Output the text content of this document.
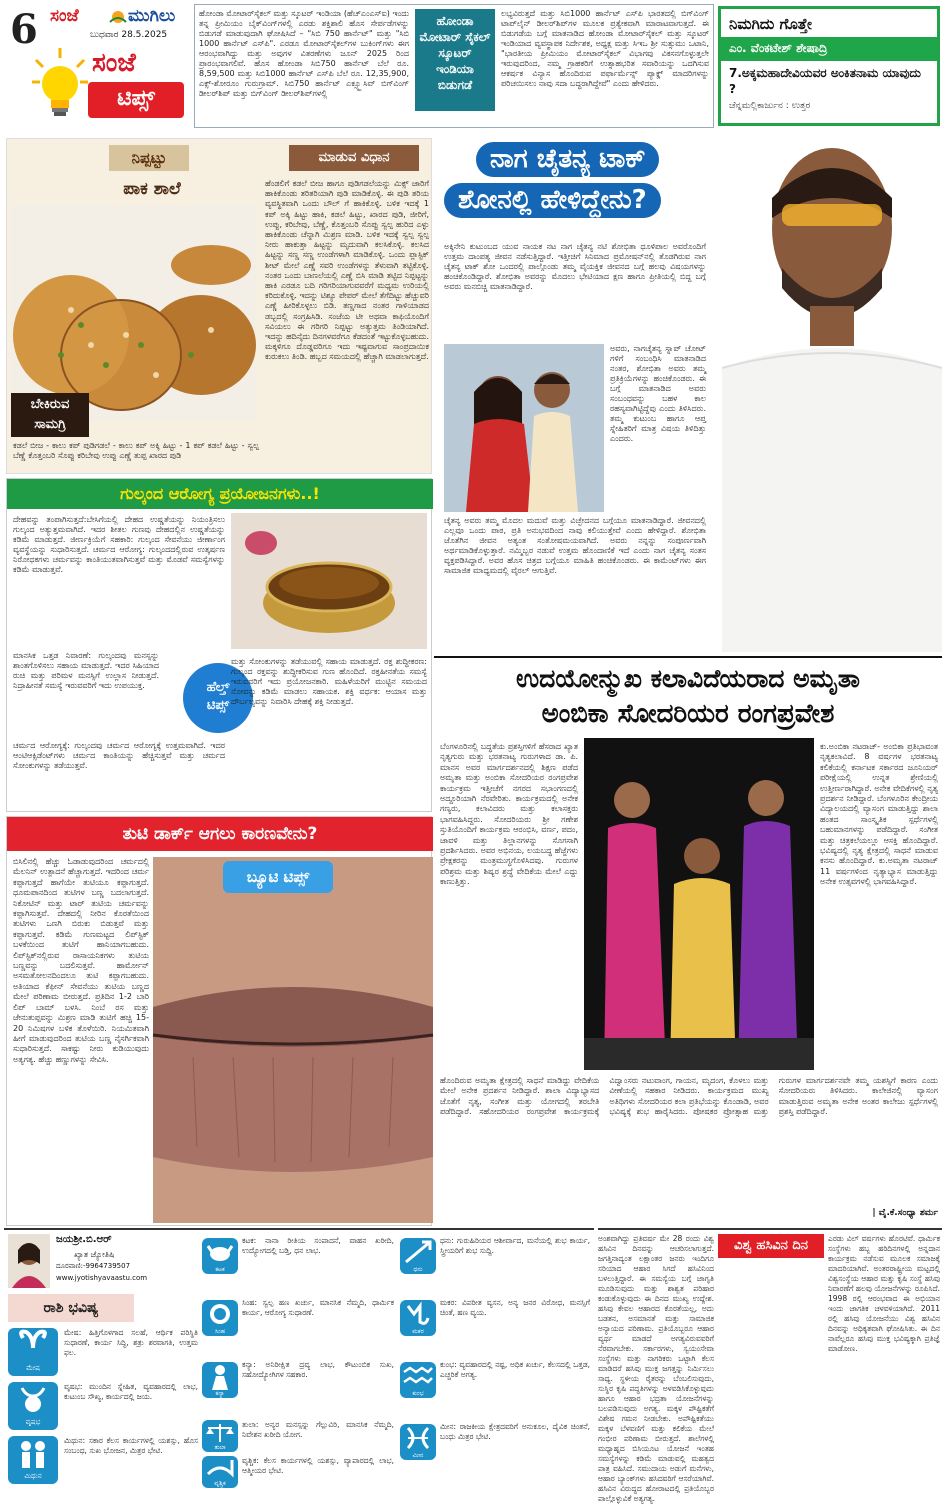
6 ಸಂಜೆ	ಮುಗಿಲು
ಬುಧವಾರ 28.5.2025
ಸಂಜೆ
ಟಿಪ್ಸ್
ಹೋಂಡಾ ಮೋಟಾರ್‌ಸೈಕಲ್ ಮತ್ತು ಸ್ಕೂಟರ್ ಇಂಡಿಯಾ (ಹೆಚ್‌ಎಂಎಸ್‌ಐ) ಇಂದು ತನ್ನ ಪ್ರೀಮಿಯಂ ಬೈಕ್‌ವಿಂಗ್‌ಗಳಲ್ಲಿ ಎರಡು ಶಕ್ತಿಶಾಲಿ ಹೊಸ ಸೇರ್ಪಡೆಗಳನ್ನು ಬಿಡುಗಡೆ ಮಾಡುವುದಾಗಿ ಘೋಷಿಸಿದೆ – "ಸಿಬಿ 750 ಹಾರ್ನೆಟ್" ಮತ್ತು "ಸಿಬಿ 1000 ಹಾರ್ನೆಟ್ ಎಸ್‌ಪಿ". ಎರಡೂ ಮೋಟಾರ್‌ಸೈಕಲ್‌ಗಳ ಬುಕಿಂಗ್‌ಗಳು ಈಗ ಆರಂಭವಾಗಿದ್ದು ಮತ್ತು ಅವುಗಳ ವಿತರಣೆಗಳು ಜೂನ್ 2025 ರಿಂದ ಪ್ರಾರಂಭವಾಗಲಿವೆ. ಹೊಸ ಹೋಂಡಾ ಸಿಬಿ750 ಹಾರ್ನೆಟ್ ಬೆಲೆ ರೂ. 8,59,500 ಮತ್ತು ಸಿಬಿ1000 ಹಾರ್ನೆಟ್ ಎಸ್‌ಪಿ ಬೆಲೆ ರೂ. 12,35,900, ಎಕ್ಸ್-ಶೋರೂಂ ಗುರುಗ್ರಾಮ್. ಸಿಬಿ750 ಹಾರ್ನೆಟ್ ಎಕ್ಸ್ಕ್ಲೂಸಿವ್‌ ಬಿಗ್‌ವಿಂಗ್ ಡೀಲರ್‌ಶಿಪ್ ಮತ್ತು ಬಿಗ್‌ವಿಂಗ್ ಡೀಲರ್‌ಶಿಪ್‌ಗಳಲ್ಲಿ
ಹೋಂಡಾ ಮೋಟಾರ್ ಸೈಕಲ್ ಸ್ಕೂಟರ್ ಇಂಡಿಯಾ ಬಿಡುಗಡೆ
ಲಭ್ಯವಿರುತ್ತದೆ ಮತ್ತು ಸಿಬಿ1000 ಹಾರ್ನೆಟ್ ಎಸ್‌ಪಿ ಭಾರತದಲ್ಲಿ ಬಿಗ್‌ವಿಂಗ್ ಟಾಪ್‌ಲೈನ್ ಡೀಲರ್‌ಶಿಪ್‌ಗಳ ಮೂಲಕ ಪ್ರತ್ಯೇಕವಾಗಿ ಮಾರಾಟವಾಗುತ್ತದೆ. ಈ ಬಿಡುಗಡೆಯ ಬಗ್ಗೆ ಮಾತನಾಡಿದ ಹೋಂಡಾ ಮೋಟಾರ್‌ಸೈಕಲ್ ಮತ್ತು ಸ್ಕೂಟರ್ ಇಂಡಿಯಾದ ವ್ಯವಸ್ಥಾಪಕ ನಿರ್ದೇಶಕ, ಅಧ್ಯಕ್ಷ ಮತ್ತು ಸಿಇಒ ಶ್ರೀ ಸುತ್ಸುಮು ಒಟಾನಿ, "ಭಾರತೀಯ ಪ್ರೀಮಿಯಂ ಮೋಟಾರ್‌ಸೈಕಲ್ ವಿಭಾಗವು ವಿಕಸನಗೊಳ್ಳುತ್ತಲೇ ಇರುವುದರಿಂದ, ನಮ್ಮ ಗ್ರಾಹಕರಿಗೆ ಉತ್ಸಾಹಭರಿತ ಸವಾರಿಯನ್ನು ಒದಗಿಸುವ ಆಕರ್ಷಕ ವಿನ್ಯಾಸ ಹೊಂದಿರುವ ಪರ್ಫಾರ್ಮೆನ್ಸ್ ಪ್ಯಾಕ್ಡ್ ಮಾದರಿಗಳನ್ನು ಪರಿಚಯಿಸಲು ನಾವು ಸದಾ ಬದ್ಧರಾಗಿದ್ದೇವೆ" ಎಂದು ಹೇಳಿದರು.
ನಿಮಗಿದು ಗೊತ್ತೇ
ಎಂ. ವೆಂಕಟೇಶ್ ಶೇಷಾದ್ರಿ
7.ಅಕ್ಕಮಹಾದೇವಿಯವರ ಅಂಕಿತನಾಮ ಯಾವುದು ?
ಚೆನ್ನಮಲ್ಲಿಕಾರ್ಜುನ : ಉತ್ತರ
ನಿಪ್ಪಟ್ಟು	ಮಾಡುವ ವಿಧಾನ
ಪಾಕ ಶಾಲೆ
ಬೇಕಿರುವ
ಸಾಮಗ್ರಿ
ಕಡಲೆ ಬೀಜ - ಕಾಲು ಕಪ್ ಪುಡಿಗಡಲೆ - ಕಾಲು ಕಪ್ ಅಕ್ಕಿ ಹಿಟ್ಟು - 1 ಕಪ್ ಕಡಲೆ ಹಿಟ್ಟು - ಸ್ವಲ್ಪ ಬೆಣ್ಣೆ ಕೊತ್ತಂಬರಿ ಸೊಪ್ಪು ಕರಿಬೇವು ಉಪ್ಪು ಎಣ್ಣೆ ತುಪ್ಪ ಖಾರದ ಪುಡಿ
ಹೆಂಡಲಿಗೆ ಕಡಲೆ ಬೀಜ ಹಾಗೂ ಪುಡಿಗಡಲೆಯನ್ನು ಮಿಕ್ಸ್ ಜಾರಿಗೆ ಹಾಕಿಕೊಂಡು ತರಿತರಿಯಾಗಿ ಪುಡಿ ಮಾಡಿಕೊಳ್ಳಿ. ಈ ಪುಡಿ ತರಿಯ ವ್ಯವಸ್ಥಿತವಾಗಿ ಒಂದು ಬೌಲ್ ಗೆ ಹಾಕಿಕೊಳ್ಳಿ. ಬಳಿಕ ಇದಕ್ಕೆ 1 ಕಪ್ ಅಕ್ಕಿ ಹಿಟ್ಟು ಹಾಕಿ, ಕಡಲೆ ಹಿಟ್ಟು, ಖಾರದ ಪುಡಿ, ಜೀರಿಗೆ, ಉಪ್ಪು, ಕರಿಬೇವು, ಬೆಣ್ಣೆ, ಕೊತ್ತಂಬರಿ ಸೊಪ್ಪು ಸ್ವಲ್ಪ ಹುರಿದ ಎಳ್ಳು ಹಾಕಿಕೊಂಡು ಚೆನ್ನಾಗಿ ಮಿಶ್ರಣ ಮಾಡಿ. ಬಳಿಕ ಇದಕ್ಕೆ ಸ್ವಲ್ಪ ಸ್ವಲ್ಪ ನೀರು ಹಾಕುತ್ತಾ ಹಿಟ್ಟನ್ನು ಮೃದುವಾಗಿ ಕಲಸಿಕೊಳ್ಳಿ. ಕಲಸಿದ ಹಿಟ್ಟನ್ನು ಸಣ್ಣ ಸಣ್ಣ ಉಂಡೆಗಳಾಗಿ ಮಾಡಿಕೊಳ್ಳಿ. ಒಂದು ಪ್ಲಾಸ್ಟಿಕ್ ಶೀಟ್ ಮೇಲೆ ಎಣ್ಣೆ ಸವರಿ ಉಂಡೆಗಳನ್ನು ತೆಳುವಾಗಿ ತಟ್ಟಿಕೊಳ್ಳಿ. ನಂತರ ಒಂದು ಬಾಣಲೆಯಲ್ಲಿ ಎಣ್ಣೆ ಬಿಸಿ ಮಾಡಿ ತಟ್ಟಿದ ನಿಪ್ಪಟ್ಟನ್ನು ಹಾಕಿ ಎರಡೂ ಬದಿ ಗರಿಗರಿಯಾಗುವವರೆಗೆ ಮಧ್ಯಮ ಉರಿಯಲ್ಲಿ ಕರಿದುಕೊಳ್ಳಿ. ಇದನ್ನು ಟಿಶ್ಯೂ ಪೇಪರ್ ಮೇಲೆ ತೆಗೆದಿಟ್ಟು ಹೆಚ್ಚುವರಿ ಎಣ್ಣೆ ಹೀರಿಕೊಳ್ಳಲು ಬಿಡಿ. ತಣ್ಣಗಾದ ನಂತರ ಗಾಳಿಯಾಡದ ಡಬ್ಬದಲ್ಲಿ ಸಂಗ್ರಹಿಸಿಡಿ. ಸಂಜೆಯ ಟೀ ಅಥವಾ ಕಾಫಿಯೊಂದಿಗೆ ಸವಿಯಲು ಈ ಗರಿಗರಿ ನಿಪ್ಪಟ್ಟು ಅತ್ಯುತ್ತಮ ತಿಂಡಿಯಾಗಿದೆ. ಇದನ್ನು ಹದಿನೈದು ದಿನಗಳವರೆಗೂ ಕೆಡದಂತೆ ಇಟ್ಟುಕೊಳ್ಳಬಹುದು. ಮಕ್ಕಳಿಗೂ ದೊಡ್ಡವರಿಗೂ ಇದು ಇಷ್ಟವಾಗುವ ಸಾಂಪ್ರದಾಯಿಕ ಕುರುಕಲು ತಿಂಡಿ. ಹಬ್ಬದ ಸಮಯದಲ್ಲಿ ಹೆಚ್ಚಾಗಿ ಮಾಡಲಾಗುತ್ತದೆ.
ಗುಲ್ಕಂದ ಆರೋಗ್ಯ ಪ್ರಯೋಜನಗಳು..!
ದೇಹವನ್ನು ತಂಪಾಗಿಸುತ್ತದೆ:ಬೇಸಿಗೆಯಲ್ಲಿ ದೇಹದ ಉಷ್ಣತೆಯನ್ನು ನಿಯಂತ್ರಿಸಲು ಗುಲ್ಕಂದ ಅತ್ಯುತ್ತಮವಾಗಿದೆ. ಇದರ ಶೀತಲ ಗುಣವು ದೇಹದಲ್ಲಿನ ಉಷ್ಣತೆಯನ್ನು ಕಡಿಮೆ ಮಾಡುತ್ತದೆ. ಜೀರ್ಣಕ್ರಿಯೆಗೆ ಸಹಕಾರಿ: ಗುಲ್ಕಂದ ಸೇವನೆಯು ಜೀರ್ಣಾಂಗ ವ್ಯವಸ್ಥೆಯನ್ನು ಸುಧಾರಿಸುತ್ತದೆ. ಚರ್ಮದ ಆರೋಗ್ಯ: ಗುಲ್ಕಂದದಲ್ಲಿರುವ ಉತ್ಕರ್ಷಣ ನಿರೋಧಕಗಳು ಚರ್ಮವನ್ನು ಕಾಂತಿಯುತವಾಗಿಸುತ್ತವೆ ಮತ್ತು ಮೊಡವೆ ಸಮಸ್ಯೆಗಳನ್ನು ಕಡಿಮೆ ಮಾಡುತ್ತವೆ.
ಮಾನಸಿಕ ಒತ್ತಡ ನಿವಾರಣೆ: ಗುಲ್ಕಂದವು ಮನಸ್ಸನ್ನು ಶಾಂತಗೊಳಿಸಲು ಸಹಾಯ ಮಾಡುತ್ತದೆ. ಇದರ ಸಿಹಿಯಾದ ರುಚಿ ಮತ್ತು ಪರಿಮಳ ಮನಸ್ಸಿಗೆ ಉಲ್ಲಾಸ ನೀಡುತ್ತದೆ. ನಿದ್ರಾಹೀನತೆ ಸಮಸ್ಯೆ ಇರುವವರಿಗೆ ಇದು ಉಪಯುಕ್ತ.	ಹೆಲ್ತ್
ಟಿಪ್ಸ್
ಮತ್ತು ಸೋಂಕುಗಳನ್ನು ತಡೆಯುವಲ್ಲಿ ಸಹಾಯ ಮಾಡುತ್ತದೆ. ರಕ್ತ ಶುದ್ಧೀಕರಣ: ಗುಲ್ಕಂದ ರಕ್ತವನ್ನು ಶುದ್ಧೀಕರಿಸುವ ಗುಣ ಹೊಂದಿದೆ. ರಕ್ತಹೀನತೆಯ ಸಮಸ್ಯೆ ಇರುವವರಿಗೆ ಇದು ಪ್ರಯೋಜನಕಾರಿ. ಮಹಿಳೆಯರಿಗೆ ಮುಟ್ಟಿನ ಸಮಯದ ನೋವನ್ನು ಕಡಿಮೆ ಮಾಡಲು ಸಹಾಯಕ. ಶಕ್ತಿ ವರ್ಧಕ: ಆಯಾಸ ಮತ್ತು ದೌರ್ಬಲ್ಯವನ್ನು ನಿವಾರಿಸಿ ದೇಹಕ್ಕೆ ಶಕ್ತಿ ನೀಡುತ್ತದೆ.
ಚರ್ಮದ ಆರೋಗ್ಯಕ್ಕೆ: ಗುಲ್ಕಂದವು ಚರ್ಮದ ಆರೋಗ್ಯಕ್ಕೆ ಉತ್ತಮವಾಗಿದೆ. ಇದರ ಆಂಟಿಆಕ್ಸಿಡೆಂಟ್‌ಗಳು ಚರ್ಮದ ಕಾಂತಿಯನ್ನು ಹೆಚ್ಚಿಸುತ್ತವೆ ಮತ್ತು ಚರ್ಮದ ಸೋಂಕುಗಳನ್ನು ತಡೆಯುತ್ತವೆ.
ತುಟಿ ಡಾರ್ಕ್ ಆಗಲು ಕಾರಣವೇನು?
ಬಿಸಿಲಿನಲ್ಲಿ ಹೆಚ್ಚು ಓಡಾಡುವುದರಿಂದ ಚರ್ಮದಲ್ಲಿ ಮೆಲನಿನ್ ಉತ್ಪಾದನೆ ಹೆಚ್ಚಾಗುತ್ತದೆ. ಇದರಿಂದ ಚರ್ಮ ಕಪ್ಪಾಗುತ್ತದೆ ಹಾಗೆಯೇ ತುಟಿಯೂ ಕಪ್ಪಾಗುತ್ತದೆ. ಧೂಮಪಾನದಿಂದ ತುಟಿಗಳ ಬಣ್ಣ ಬದಲಾಗುತ್ತದೆ. ನಿಕೋಟಿನ್ ಮತ್ತು ಟಾರ್ ತುಟಿಯ ಚರ್ಮವನ್ನು ಕಪ್ಪಾಗಿಸುತ್ತವೆ. ದೇಹದಲ್ಲಿ ನೀರಿನ ಕೊರತೆಯಿಂದ ತುಟಿಗಳು ಒಣಗಿ ಬಿರುಕು ಬಿಡುತ್ತವೆ ಮತ್ತು ಕಪ್ಪಾಗುತ್ತವೆ. ಕಡಿಮೆ ಗುಣಮಟ್ಟದ ಲಿಪ್‌ಸ್ಟಿಕ್ ಬಳಕೆಯಿಂದ ತುಟಿಗೆ ಹಾನಿಯಾಗಬಹುದು. ಲಿಪ್‌ಸ್ಟಿಕ್‌ನಲ್ಲಿರುವ ರಾಸಾಯನಿಕಗಳು ತುಟಿಯ ಬಣ್ಣವನ್ನು ಬದಲಿಸುತ್ತವೆ. ಹಾರ್ಮೋನ್ ಅಸಮತೋಲನದಿಂದಲೂ ತುಟಿ ಕಪ್ಪಾಗಬಹುದು. ಅತಿಯಾದ ಕೆಫೀನ್ ಸೇವನೆಯು ತುಟಿಯ ಬಣ್ಣದ ಮೇಲೆ ಪರಿಣಾಮ ಬೀರುತ್ತದೆ. ಪ್ರತಿದಿನ 1-2 ಬಾರಿ ಲಿಪ್ ಬಾಮ್ ಬಳಸಿ. ನಿಂಬೆ ರಸ ಮತ್ತು ಜೇನುತುಪ್ಪವನ್ನು ಮಿಶ್ರಣ ಮಾಡಿ ತುಟಿಗೆ ಹಚ್ಚಿ 15-20 ನಿಮಿಷಗಳ ಬಳಿಕ ತೊಳೆಯಿರಿ. ನಿಯಮಿತವಾಗಿ ಹೀಗೆ ಮಾಡುವುದರಿಂದ ತುಟಿಯ ಬಣ್ಣ ನೈಸರ್ಗಿಕವಾಗಿ ಸುಧಾರಿಸುತ್ತದೆ. ಸಾಕಷ್ಟು ನೀರು ಕುಡಿಯುವುದು ಅತ್ಯಗತ್ಯ. ಹೆಚ್ಚು ಹಣ್ಣುಗಳನ್ನು ಸೇವಿಸಿ.
ಬ್ಯೂಟಿ ಟಿಪ್ಸ್
ನಾಗ ಚೈತನ್ಯ ಟಾಕ್ ಶೋನಲ್ಲಿ ಹೇಳಿದ್ದೇನು?
ಅಕ್ಕಿನೇನಿ ಕುಟುಂಬದ ಯುವ ನಾಯಕ ನಟ ನಾಗ ಚೈತನ್ಯ ನಟಿ ಶೋಭಿತಾ ಧೂಳಿಪಾಲ ಅವರೊಂದಿಗೆ ಉತ್ತಮ ದಾಂಪತ್ಯ ಜೀವನ ನಡೆಸುತ್ತಿದ್ದಾರೆ. ಇತ್ತೀಚಿಗೆ ಸಿನಿಮಾದ ಪ್ರಮೋಷನ್‌ನಲ್ಲಿ ತೊಡಗಿರುವ ನಾಗ ಚೈತನ್ಯ ಟಾಕ್ ಶೋ ಒಂದರಲ್ಲಿ ಪಾಲ್ಗೊಂಡು ತಮ್ಮ ವೈಯಕ್ತಿಕ ಜೀವನದ ಬಗ್ಗೆ ಹಲವು ವಿಷಯಗಳನ್ನು ಹಂಚಿಕೊಂಡಿದ್ದಾರೆ. ಶೋಭಿತಾ ಅವರನ್ನು ಮೊದಲು ಭೇಟಿಯಾದ ಕ್ಷಣ ಹಾಗೂ ಪ್ರೀತಿಯಲ್ಲಿ ಬಿದ್ದ ಬಗ್ಗೆ ಅವರು ಮನಬಿಚ್ಚಿ ಮಾತನಾಡಿದ್ದಾರೆ.
ಅವರು, ನಾಗಚೈತನ್ಯ ಸ್ನಾಪ್ ಚೋಟ್ ಗಳಿಗೆ ಸಂಬಂಧಿಸಿ ಮಾತನಾಡಿದ ನಂತರ, ಶೋಭಿತಾ ಅವರು ತಮ್ಮ ಪ್ರತಿಕ್ರಿಯೆಗಳನ್ನು ಹಂಚಿಕೊಂಡರು. ಈ ಬಗ್ಗೆ ಮಾತನಾಡಿದ ಅವರು ಸಂಬಂಧವನ್ನು ಬಹಳ ಕಾಲ ರಹಸ್ಯವಾಗಿಟ್ಟಿದ್ದೆವು ಎಂದು ತಿಳಿಸಿದರು. ತಮ್ಮ ಕುಟುಂಬ ಹಾಗೂ ಆಪ್ತ ಸ್ನೇಹಿತರಿಗೆ ಮಾತ್ರ ವಿಷಯ ತಿಳಿದಿತ್ತು ಎಂದರು.
ಚೈತನ್ಯ ಅವರು ತಮ್ಮ ಮೊದಲ ಮದುವೆ ಮತ್ತು ವಿಚ್ಛೇದನದ ಬಗ್ಗೆಯೂ ಮಾತನಾಡಿದ್ದಾರೆ. ಜೀವನದಲ್ಲಿ ಎಲ್ಲವೂ ಒಂದು ಪಾಠ, ಪ್ರತಿ ಅನುಭವದಿಂದ ನಾವು ಕಲಿಯುತ್ತೇವೆ ಎಂದು ಹೇಳಿದ್ದಾರೆ. ಶೋಭಿತಾ ಜೊತೆಗಿನ ಜೀವನ ಅತ್ಯಂತ ಸಂತೋಷಮಯವಾಗಿದೆ. ಅವರು ನನ್ನನ್ನು ಸಂಪೂರ್ಣವಾಗಿ ಅರ್ಥಮಾಡಿಕೊಳ್ಳುತ್ತಾರೆ. ನಮ್ಮಿಬ್ಬರ ನಡುವೆ ಉತ್ತಮ ಹೊಂದಾಣಿಕೆ ಇದೆ ಎಂದು ನಾಗ ಚೈತನ್ಯ ಸಂತಸ ವ್ಯಕ್ತಪಡಿಸಿದ್ದಾರೆ. ಅವರ ಹೊಸ ಚಿತ್ರದ ಬಗ್ಗೆಯೂ ಮಾಹಿತಿ ಹಂಚಿಕೊಂಡರು. ಈ ಕಾಮೆಂಟ್‌ಗಳು ಈಗ ಸಾಮಾಜಿಕ ಮಾಧ್ಯಮದಲ್ಲಿ ವೈರಲ್ ಆಗುತ್ತಿವೆ.
ಉದಯೋನ್ಮುಖ ಕಲಾವಿದೆಯರಾದ ಅಮೃತಾ
ಅಂಬಿಕಾ ಸೋದರಿಯರ ರಂಗಪ್ರವೇಶ
ಬೆಂಗಳೂರಿನಲ್ಲಿ ಬದ್ಧತೆಯ ಪ್ರಶಸ್ತಿಗಳಿಗೆ ಹೆಸರಾದ ಖ್ಯಾತ ನೃತ್ಯಗುರು ಮತ್ತು ಭರತನಾಟ್ಯ ಗುರುಗಳಾದ ಡಾ. ಪಿ. ಮಾನಸ ಅವರ ಮಾರ್ಗದರ್ಶನದಲ್ಲಿ ಶಿಕ್ಷಣ ಪಡೆದ ಅಮೃತಾ ಮತ್ತು ಅಂಬಿಕಾ ಸೋದರಿಯರ ರಂಗಪ್ರವೇಶ ಕಾರ್ಯಕ್ರಮ ಇತ್ತೀಚೆಗೆ ನಗರದ ಸಭಾಂಗಣದಲ್ಲಿ ಅದ್ದೂರಿಯಾಗಿ ನೆರವೇರಿತು. ಕಾರ್ಯಕ್ರಮದಲ್ಲಿ ಅನೇಕ ಗಣ್ಯರು, ಕಲಾವಿದರು ಮತ್ತು ಕಲಾಸಕ್ತರು ಭಾಗವಹಿಸಿದ್ದರು. ಸೋದರಿಯರು ಶ್ರೀ ಗಣೇಶ ಸ್ತುತಿಯೊಂದಿಗೆ ಕಾರ್ಯಕ್ರಮ ಆರಂಭಿಸಿ, ವರ್ಣ, ಪದಂ, ಜಾವಳಿ ಮತ್ತು ತಿಲ್ಲಾನಗಳನ್ನು ಸೊಗಸಾಗಿ ಪ್ರದರ್ಶಿಸಿದರು. ಅವರ ಅಭಿನಯ, ಲಯಬದ್ಧ ಹೆಜ್ಜೆಗಳು ಪ್ರೇಕ್ಷಕರನ್ನು ಮಂತ್ರಮುಗ್ಧಗೊಳಿಸಿದವು. ಗುರುಗಳ ಪರಿಶ್ರಮ ಮತ್ತು ಶಿಷ್ಯರ ಶ್ರದ್ಧೆ ವೇದಿಕೆಯ ಮೇಲೆ ಎದ್ದು ಕಾಣುತ್ತಿತ್ತು.
ಕು.ಅಂಬಿಕಾ ನಟರಾಜ್- ಅಂಬಿಕಾ ಪ್ರತಿಭಾವಂತ ನೃತ್ಯಕಲಾವಿದೆ. 8 ವರ್ಷಗಳ ಭರತನಾಟ್ಯ ಕಲಿಕೆಯಲ್ಲಿ ಕರ್ನಾಟಕ ಸರ್ಕಾರದ ಜೂನಿಯರ್ ಪರೀಕ್ಷೆಯಲ್ಲಿ ಉನ್ನತ ಶ್ರೇಣಿಯಲ್ಲಿ ಉತ್ತೀರ್ಣರಾಗಿದ್ದಾರೆ. ಅನೇಕ ವೇದಿಕೆಗಳಲ್ಲಿ ನೃತ್ಯ ಪ್ರದರ್ಶನ ನೀಡಿದ್ದಾರೆ. ಬೆಂಗಳೂರಿನ ಕೇಂದ್ರೀಯ ವಿದ್ಯಾಲಯದಲ್ಲಿ ವ್ಯಾಸಂಗ ಮಾಡುತ್ತಿದ್ದು ಶಾಲಾ ಹಂತದ ಸಾಂಸ್ಕೃತಿಕ ಸ್ಪರ್ಧೆಗಳಲ್ಲಿ ಬಹುಮಾನಗಳನ್ನು ಪಡೆದಿದ್ದಾರೆ. ಸಂಗೀತ ಮತ್ತು ಚಿತ್ರಕಲೆಯಲ್ಲೂ ಆಸಕ್ತಿ ಹೊಂದಿದ್ದಾರೆ. ಭವಿಷ್ಯದಲ್ಲಿ ನೃತ್ಯ ಕ್ಷೇತ್ರದಲ್ಲಿ ಸಾಧನೆ ಮಾಡುವ ಕನಸು ಹೊಂದಿದ್ದಾರೆ. ಕು.ಅಮೃತಾ ನಟರಾಜ್ 11 ವರ್ಷಗಳಿಂದ ನೃತ್ಯಾಭ್ಯಾಸ ಮಾಡುತ್ತಿದ್ದು ಅನೇಕ ಉತ್ಸವಗಳಲ್ಲಿ ಭಾಗವಹಿಸಿದ್ದಾರೆ.
ಹೊಂದಿರುವ ಅಮೃತಾ ಕ್ಷೇತ್ರದಲ್ಲಿ ಸಾಧನೆ ಮಾಡಿದ್ದು ವೇದಿಕೆಯ ಮೇಲೆ ಅನೇಕ ಪ್ರದರ್ಶನ ನೀಡಿದ್ದಾರೆ. ಶಾಲಾ ವಿದ್ಯಾಭ್ಯಾಸದ ಜೊತೆಗೆ ನೃತ್ಯ, ಸಂಗೀತ ಮತ್ತು ಯೋಗದಲ್ಲಿ ತರಬೇತಿ ಪಡೆದಿದ್ದಾರೆ. ಸಹೋದರಿಯರ ರಂಗಪ್ರವೇಶ ಕಾರ್ಯಕ್ರಮಕ್ಕೆ ವಿದ್ವಾಂಸರು ನಟುವಾಂಗ, ಗಾಯನ, ಮೃದಂಗ, ಕೊಳಲು ಮತ್ತು ವೀಣೆಯಲ್ಲಿ ಸಹಕಾರ ನೀಡಿದರು. ಕಾರ್ಯಕ್ರಮದ ಮುಖ್ಯ ಅತಿಥಿಗಳು ಸೋದರಿಯರ ಕಲಾ ಪ್ರತಿಭೆಯನ್ನು ಕೊಂಡಾಡಿ, ಅವರ ಭವಿಷ್ಯಕ್ಕೆ ಶುಭ ಹಾರೈಸಿದರು. ಪೋಷಕರ ಪ್ರೋತ್ಸಾಹ ಮತ್ತು ಗುರುಗಳ ಮಾರ್ಗದರ್ಶನವೇ ತಮ್ಮ ಯಶಸ್ಸಿಗೆ ಕಾರಣ ಎಂದು ಸೋದರಿಯರು ತಿಳಿಸಿದರು. ಕಾಲೇಜಿನಲ್ಲಿ ವ್ಯಾಸಂಗ ಮಾಡುತ್ತಿರುವ ಅಮೃತಾ ಅನೇಕ ಅಂತರ ಕಾಲೇಜು ಸ್ಪರ್ಧೆಗಳಲ್ಲಿ ಪ್ರಶಸ್ತಿ ಪಡೆದಿದ್ದಾರೆ.
| ವೈ.ಕೆ.ಸಂಧ್ಯಾ ಶರ್ಮ
ಜಯಶ್ರೀ.ಬಿ.ಆರ್
ಖ್ಯಾತ ಜ್ಯೋತಿಷಿ
ದೂರವಾಣಿ:-9964739507
www.jyotishyavaastu.com
ರಾಶಿ ಭವಿಷ್ಯ
ಮೇಷ
ಮೇಷ: ಹಿತ್ತಿಗೊಳಗಾದ ಸಲಹೆ, ಆರ್ಥಿಕ ಪರಿಸ್ಥಿತಿ ಸುಧಾರಣೆ, ಕಾರ್ಯ ಸಿದ್ಧಿ, ಶತ್ರು ಶರವಾಗತಿ, ಉತ್ತಮ ಫಲ.
ವೃಷಭ
ವೃಷಭ: ಮುಂದಿನ ಸ್ನೇಹಿತ, ವ್ಯವಹಾರದಲ್ಲಿ ಲಾಭ, ಕುಟುಂಬ ಸೌಖ್ಯ, ಕಾರ್ಯದಲ್ಲಿ ಜಯ.
ಮಿಥುನ
ಮಿಥುನ: ಸಕಾರ ಕೆಲಸ ಕಾರ್ಯಗಳಲ್ಲಿ ಯಶಸ್ಸು, ಹೊಸ ಸಂಬಂಧ, ಸುಖ ಭೋಜನ, ಮಿತ್ರರ ಭೇಟಿ.
ಕಟಕ
ಕಟಕ: ನಾನಾ ರೀತಿಯ ಸಂಪಾದನೆ, ವಾಹನ ಖರೀದಿ, ಉದ್ಯೋಗದಲ್ಲಿ ಬಡ್ತಿ, ಧನ ಲಾಭ.
ಸಿಂಹ
ಸಿಂಹ: ಸ್ವಲ್ಪ ಹಣ ಖರ್ಚು, ಮಾನಸಿಕ ನೆಮ್ಮದಿ, ಧಾರ್ಮಿಕ ಕಾರ್ಯ, ಆರೋಗ್ಯ ಸುಧಾರಣೆ.
ಕನ್ಯಾ
ಕನ್ಯಾ: ಅನಿರೀಕ್ಷಿತ ದ್ರವ್ಯ ಲಾಭ, ಕೌಟುಂಬಿಕ ಸುಖ, ಸಹೋದ್ಯೋಗಿಗಳ ಸಹಕಾರ.
ತುಲಾ
ತುಲಾ: ಅನ್ಯರ ಮನಸ್ಸನ್ನು ಗೆಲ್ಲುವಿರಿ, ಮಾನಸಿಕ ನೆಮ್ಮದಿ, ನಿವೇಶನ ಖರೀದಿ ಯೋಗ.
ವೃಶ್ಚಿಕ
ವೃಶ್ಚಿಕ: ಕೆಲಸ ಕಾರ್ಯಗಳಲ್ಲಿ ಯಶಸ್ಸು, ವ್ಯಾಪಾರದಲ್ಲಿ ಲಾಭ, ಆತ್ಮೀಯರ ಭೇಟಿ.
ಧನು
ಧನು: ಗುರುಹಿರಿಯರ ಆಶೀರ್ವಾದ, ಮನೆಯಲ್ಲಿ ಶುಭ ಕಾರ್ಯ, ಸ್ತ್ರೀಯರಿಗೆ ಶುಭ ಸುದ್ದಿ.
ಮಕರ
ಮಕರ: ವಿಪರೀತ ವ್ಯಸನ, ಅನ್ಯ ಜನರ ವಿರೋಧ, ಮನಸ್ಸಿಗೆ ಚಿಂತೆ, ಹಣ ವ್ಯಯ.
ಕುಂಭ
ಕುಂಭ: ವ್ಯವಹಾರದಲ್ಲಿ ನಷ್ಟ, ಅಧಿಕ ಖರ್ಚು, ಕೆಲಸದಲ್ಲಿ ಒತ್ತಡ, ಎಚ್ಚರಿಕೆ ಅಗತ್ಯ.
ಮೀನ
ಮೀನ: ರಾಜಕೀಯ ಕ್ಷೇತ್ರದವರಿಗೆ ಅನುಕೂಲ, ದೈವಿಕ ಚಿಂತನೆ, ಬಂಧು ಮಿತ್ರರ ಭೇಟಿ.
ಅಂಶವಾಗಿದ್ದು ಪ್ರತಿವರ್ಷ ಮೇ 28 ರಂದು ವಿಶ್ವ ಹಸಿವಿನ ದಿನವನ್ನು ಆಚರಿಸಲಾಗುತ್ತದೆ. ಜಗತ್ತಿನಾದ್ಯಂತ ಲಕ್ಷಾಂತರ ಜನರು ಇಂದಿಗೂ ಸರಿಯಾದ ಆಹಾರ ಸಿಗದೆ ಹಸಿವಿನಿಂದ ಬಳಲುತ್ತಿದ್ದಾರೆ. ಈ ಸಮಸ್ಯೆಯ ಬಗ್ಗೆ ಜಾಗೃತಿ ಮೂಡಿಸುವುದು ಮತ್ತು ಶಾಶ್ವತ ಪರಿಹಾರ ಕಂಡುಕೊಳ್ಳುವುದು ಈ ದಿನದ ಮುಖ್ಯ ಉದ್ದೇಶ. ಹಸಿವು ಕೇವಲ ಆಹಾರದ ಕೊರತೆಯಲ್ಲ, ಅದು ಬಡತನ, ಅಸಮಾನತೆ ಮತ್ತು ಸಾಮಾಜಿಕ ಅನ್ಯಾಯದ ಪರಿಣಾಮ. ಪ್ರತಿಯೊಬ್ಬರೂ ಆಹಾರ ವ್ಯರ್ಥ ಮಾಡದೆ ಅಗತ್ಯವಿರುವವರಿಗೆ ನೆರವಾಗಬೇಕು. ಸರ್ಕಾರಗಳು, ಸ್ವಯಂಸೇವಾ ಸಂಸ್ಥೆಗಳು ಮತ್ತು ನಾಗರಿಕರು ಒಟ್ಟಾಗಿ ಕೆಲಸ ಮಾಡಿದರೆ ಹಸಿವು ಮುಕ್ತ ಜಗತ್ತನ್ನು ನಿರ್ಮಿಸಲು ಸಾಧ್ಯ. ಸ್ಥಳೀಯ ರೈತರನ್ನು ಬೆಂಬಲಿಸುವುದು, ಸುಸ್ಥಿರ ಕೃಷಿ ಪದ್ಧತಿಗಳನ್ನು ಅಳವಡಿಸಿಕೊಳ್ಳುವುದು ಹಾಗೂ ಆಹಾರ ಭದ್ರತಾ ಯೋಜನೆಗಳನ್ನು ಬಲಪಡಿಸುವುದು ಅಗತ್ಯ. ಮಕ್ಕಳ ಪೌಷ್ಟಿಕತೆಗೆ ವಿಶೇಷ ಗಮನ ನೀಡಬೇಕು. ಅಪೌಷ್ಟಿಕತೆಯು ಮಕ್ಕಳ ಬೆಳವಣಿಗೆ ಮತ್ತು ಕಲಿಕೆಯ ಮೇಲೆ ಗಂಭೀರ ಪರಿಣಾಮ ಬೀರುತ್ತದೆ. ಶಾಲೆಗಳಲ್ಲಿ ಮಧ್ಯಾಹ್ನದ ಬಿಸಿಯೂಟ ಯೋಜನೆ ಇಂತಹ ಸಮಸ್ಯೆಗಳನ್ನು ಕಡಿಮೆ ಮಾಡುವಲ್ಲಿ ಮಹತ್ವದ ಪಾತ್ರ ವಹಿಸಿದೆ. ಸಮುದಾಯ ಅಡುಗೆ ಮನೆಗಳು, ಆಹಾರ ಬ್ಯಾಂಕ್‌ಗಳು ಹಸಿದವರಿಗೆ ಆಸರೆಯಾಗಿವೆ. ಹಸಿವಿನ ವಿರುದ್ಧದ ಹೋರಾಟದಲ್ಲಿ ಪ್ರತಿಯೊಬ್ಬರ ಪಾಲ್ಗೊಳ್ಳುವಿಕೆ ಅತ್ಯಗತ್ಯ.
ವಿಶ್ವ ಹಸಿವಿನ ದಿನ	ಎರಡು ವಿಲ್ ವರ್ಷಗಳು ಹೊರಟಿವೆ. ಧಾರ್ಮಿಕ ಸಂಸ್ಥೆಗಳು ಹಬ್ಬ ಹರಿದಿನಗಳಲ್ಲಿ ಅನ್ನದಾನ ಕಾರ್ಯಕ್ರಮ ನಡೆಸುವ ಮೂಲಕ ಸಮಾಜಕ್ಕೆ ಮಾದರಿಯಾಗಿವೆ. ಅಂತರರಾಷ್ಟ್ರೀಯ ಮಟ್ಟದಲ್ಲಿ ವಿಶ್ವಸಂಸ್ಥೆಯ ಆಹಾರ ಮತ್ತು ಕೃಷಿ ಸಂಸ್ಥೆ ಹಸಿವು ನಿವಾರಣೆಗೆ ಹಲವು ಯೋಜನೆಗಳನ್ನು ರೂಪಿಸಿದೆ. 1998 ರಲ್ಲಿ ಆರಂಭವಾದ ಈ ಅಭಿಯಾನ ಇಂದು ಜಾಗತಿಕ ಚಳವಳಿಯಾಗಿದೆ. 2011 ರಲ್ಲಿ ಹಸಿವು ಯೋಜನೆಯು ವಿಶ್ವ ಹಸಿವಿನ ದಿನವನ್ನು ಅಧಿಕೃತವಾಗಿ ಘೋಷಿಸಿತು. ಈ ದಿನ ನಾವೆಲ್ಲರೂ ಹಸಿವು ಮುಕ್ತ ಭವಿಷ್ಯಕ್ಕಾಗಿ ಪ್ರತಿಜ್ಞೆ ಮಾಡೋಣ.
